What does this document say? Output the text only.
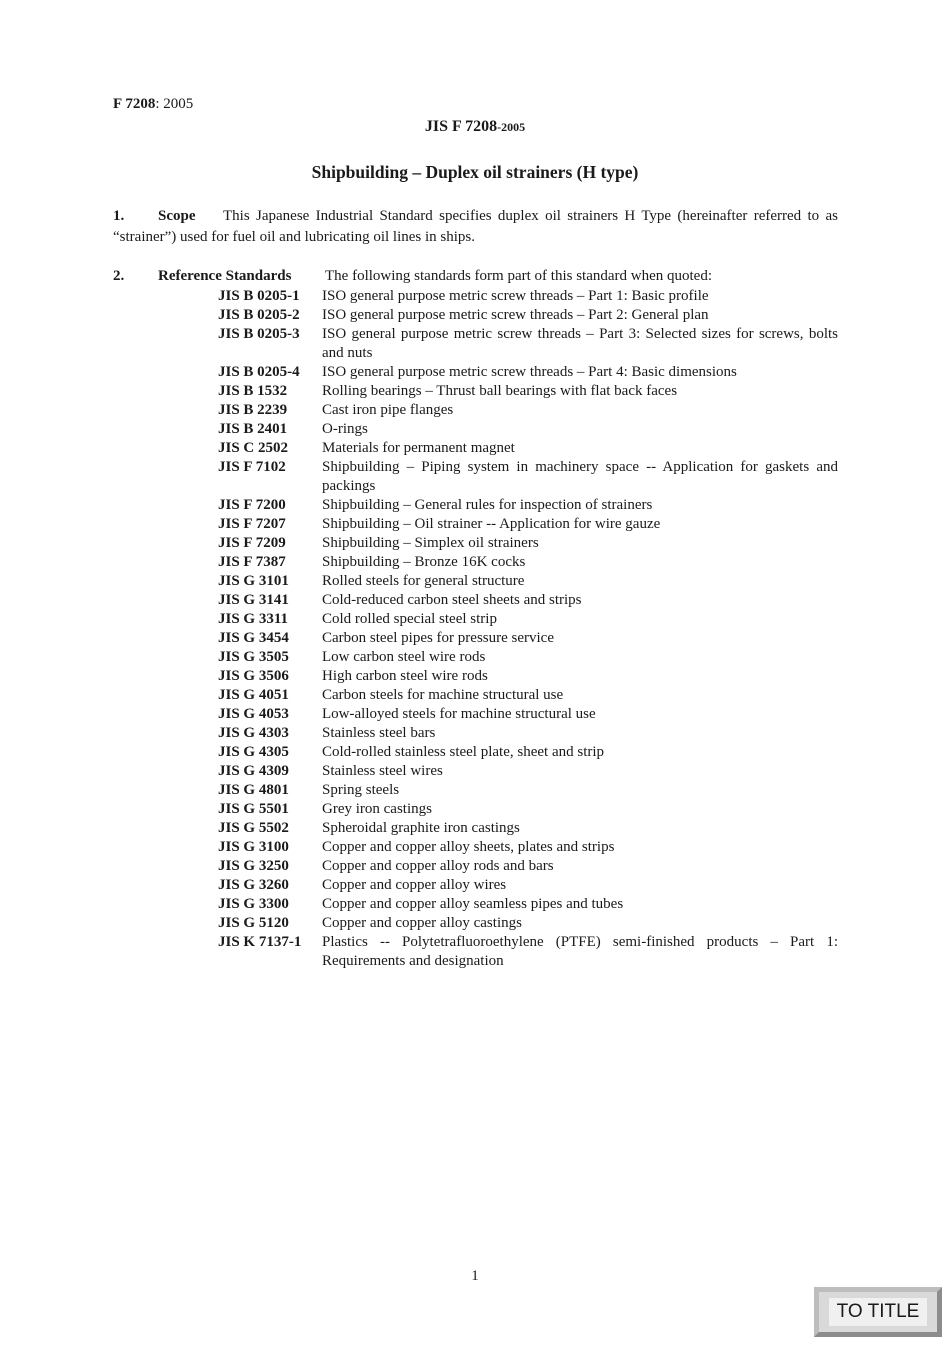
F 7208: 2005
JIS F 7208-2005
Shipbuilding – Duplex oil strainers (H type)
1. Scope This Japanese Industrial Standard specifies duplex oil strainers H Type (hereinafter referred to as “strainer”) used for fuel oil and lubricating oil lines in ships.
2. Reference Standards The following standards form part of this standard when quoted:
JIS B 0205-1	ISO general purpose metric screw threads – Part 1: Basic profile
JIS B 0205-2	ISO general purpose metric screw threads – Part 2: General plan
JIS B 0205-3	ISO general purpose metric screw threads – Part 3: Selected sizes for screws, bolts and nuts
JIS B 0205-4	ISO general purpose metric screw threads – Part 4: Basic dimensions
JIS B 1532	Rolling bearings – Thrust ball bearings with flat back faces
JIS B 2239	Cast iron pipe flanges
JIS B 2401	O-rings
JIS C 2502	Materials for permanent magnet
JIS F 7102	Shipbuilding – Piping system in machinery space -- Application for gaskets and packings
JIS F 7200	Shipbuilding – General rules for inspection of strainers
JIS F 7207	Shipbuilding – Oil strainer -- Application for wire gauze
JIS F 7209	Shipbuilding – Simplex oil strainers
JIS F 7387	Shipbuilding – Bronze 16K cocks
JIS G 3101	Rolled steels for general structure
JIS G 3141	Cold-reduced carbon steel sheets and strips
JIS G 3311	Cold rolled special steel strip
JIS G 3454	Carbon steel pipes for pressure service
JIS G 3505	Low carbon steel wire rods
JIS G 3506	High carbon steel wire rods
JIS G 4051	Carbon steels for machine structural use
JIS G 4053	Low-alloyed steels for machine structural use
JIS G 4303	Stainless steel bars
JIS G 4305	Cold-rolled stainless steel plate, sheet and strip
JIS G 4309	Stainless steel wires
JIS G 4801	Spring steels
JIS G 5501	Grey iron castings
JIS G 5502	Spheroidal graphite iron castings
JIS G 3100	Copper and copper alloy sheets, plates and strips
JIS G 3250	Copper and copper alloy rods and bars
JIS G 3260	Copper and copper alloy wires
JIS G 3300	Copper and copper alloy seamless pipes and tubes
JIS G 5120	Copper and copper alloy castings
JIS K 7137-1	Plastics -- Polytetrafluoroethylene (PTFE) semi-finished products – Part 1: Requirements and designation
1
TO TITLE
